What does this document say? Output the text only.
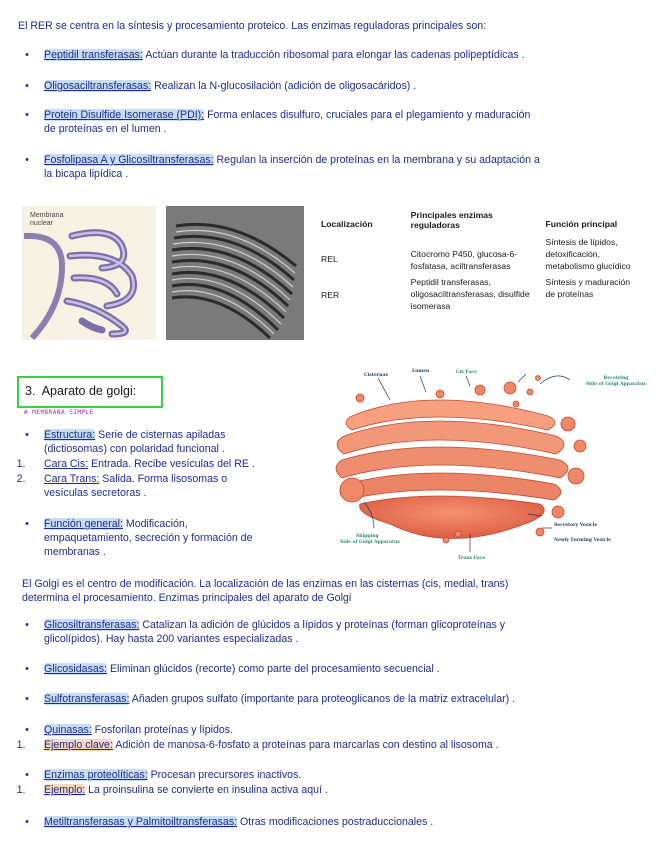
El RER se centra en la síntesis y procesamiento proteico. Las enzimas reguladoras principales son:
• Peptidil transferasas: Actúan durante la traducción ribosomal para elongar las cadenas polipeptídicas .
• Oligosaciltransferasas: Realizan la N-glucosilación (adición de oligosacáridos) .
• Protein Disulfide Isomerase (PDI): Forma enlaces disulfuro, cruciales para el plegamiento y maduración
de proteínas en el lumen .
• Fosfolipasa A y Glicosiltransferasas: Regulan la inserción de proteínas en la membrana y su adaptación a
la bicapa lipídica .
Membrana nuclear	Localización	Principales enzimas reguladoras	Función principal

REL	Citocromo P450, glucosa-6-fosfatasa, aciltransferasas	Síntesis de lípidos, detoxificación, metabolismo glucídico

RER	Peptidil transferasas, oligosaciltransferasas, disulfide isomerasa	Síntesis y maduración de proteínas
3. Aparato de golgi:
# MEMBRANA SIMPLE
• Estructura: Serie de cisternas apiladas
(dictiosomas) con polaridad funcional .
1. Cara Cis: Entrada. Recibe vesículas del RE .
2. Cara Trans: Salida. Forma lisosomas o
vesículas secretoras .
• Función general: Modificación,
empaquetamiento, secreción y formación de
membranas .
Cisternae
Lumen	Cis Face
Receiving
Side of Golgi Apparatus
Shipping
Side of Golgi Apparatus
Trans Face
Secretory Vesicle
Newly Forming Vesicle
El Golgi es el centro de modificación. La localización de las enzimas en las cisternas (cis, medial, trans)
determina el procesamiento. Enzimas principales del aparato de Golgi
• Glicosiltransferasas: Catalizan la adición de glúcidos a lípidos y proteínas (forman glicoproteínas y
glicolípidos). Hay hasta 200 variantes especializadas .
• Glicosidasas: Eliminan glúcidos (recorte) como parte del procesamiento secuencial .
• Sulfotransferasas: Añaden grupos sulfato (importante para proteoglicanos de la matriz extracelular) .
• Quinasas: Fosforilan proteínas y lípidos.
1. Ejemplo clave: Adición de manosa-6-fosfato a proteínas para marcarlas con destino al lisosoma .
• Enzimas proteolíticas: Procesan precursores inactivos.
1. Ejemplo: La proinsulina se convierte en insulina activa aquí .
• Metiltransferasas y Palmitoiltransferasas: Otras modificaciones postraduccionales .
